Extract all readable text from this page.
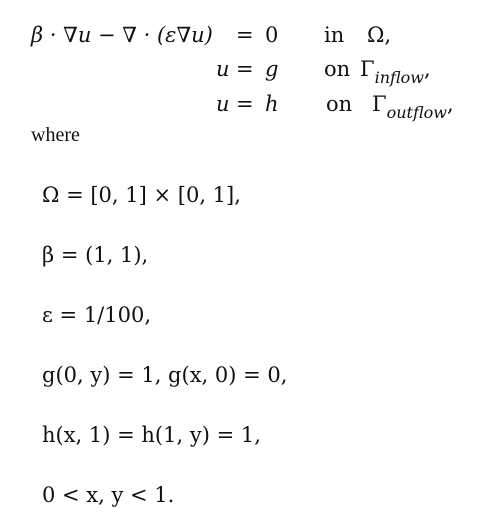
β · ∇u − ∇ · (ε∇u) = 0 in Ω,
u = g on $\Gamma_{inflow}$,
u = h on $\Gamma_{outflow}$,
where
Ω = [0, 1] × [0, 1],
β = (1, 1),
ε = 1/100,
g(0, y) = 1, g(x, 0) = 0,
h(x, 1) = h(1, y) = 1,
0 < x, y < 1.
